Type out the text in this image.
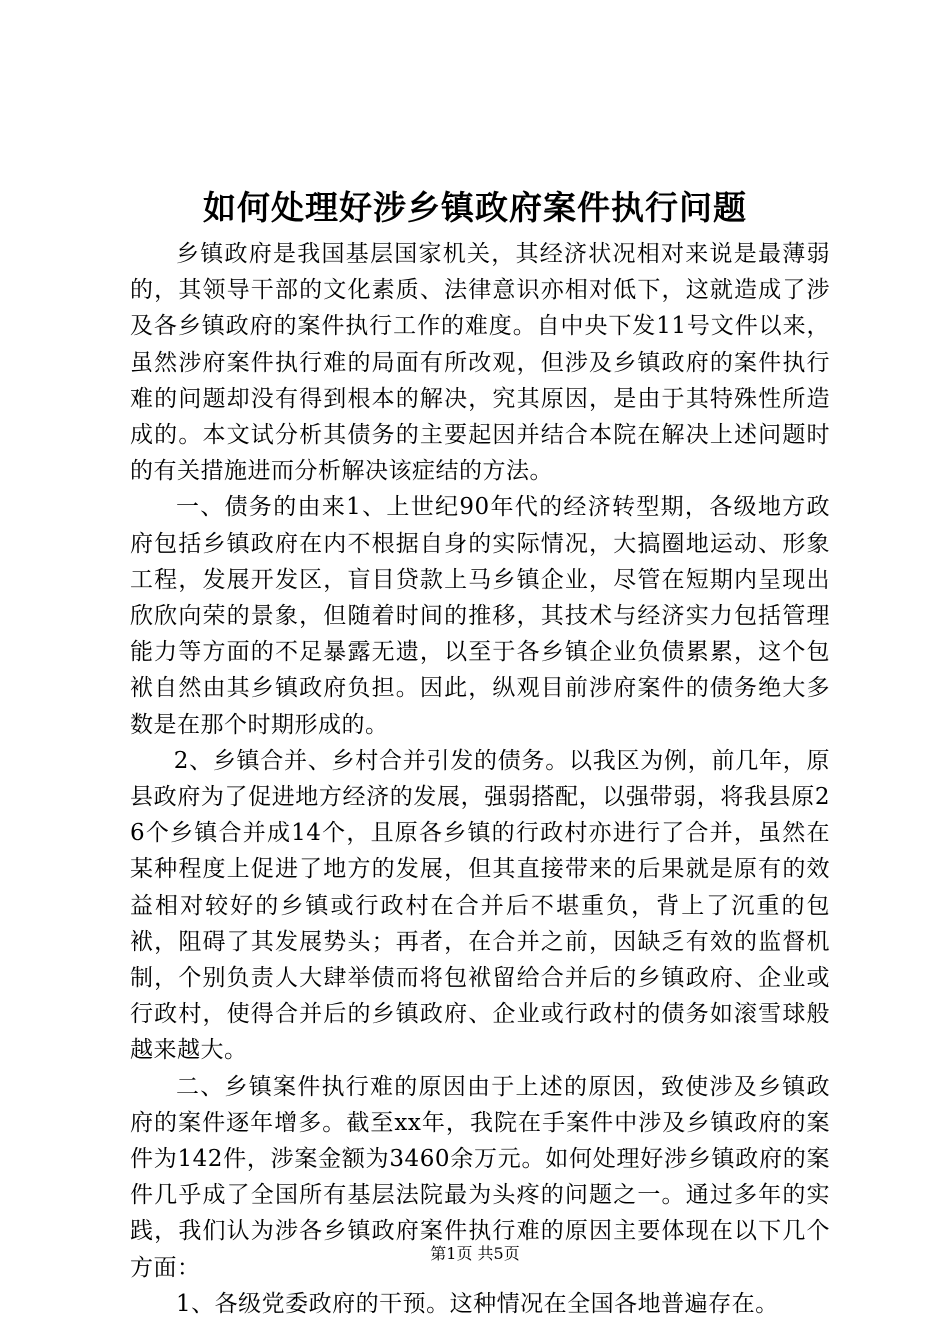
如何处理好涉乡镇政府案件执行问题

乡镇政府是我国基层国家机关，其经济状况相对来说是最薄弱的，其领导干部的文化素质、法律意识亦相对低下，这就造成了涉及各乡镇政府的案件执行工作的难度。自中央下发11号文件以来，虽然涉府案件执行难的局面有所改观，但涉及乡镇政府的案件执行难的问题却没有得到根本的解决，究其原因，是由于其特殊性所造成的。本文试分析其债务的主要起因并结合本院在解决上述问题时的有关措施进而分析解决该症结的方法。

一、债务的由来1、上世纪90年代的经济转型期，各级地方政府包括乡镇政府在内不根据自身的实际情况，大搞圈地运动、形象工程，发展开发区，盲目贷款上马乡镇企业，尽管在短期内呈现出欣欣向荣的景象，但随着时间的推移，其技术与经济实力包括管理能力等方面的不足暴露无遗，以至于各乡镇企业负债累累，这个包袱自然由其乡镇政府负担。因此，纵观目前涉府案件的债务绝大多数是在那个时期形成的。

2、乡镇合并、乡村合并引发的债务。以我区为例，前几年，原县政府为了促进地方经济的发展，强弱搭配，以强带弱，将我县原26个乡镇合并成14个，且原各乡镇的行政村亦进行了合并，虽然在某种程度上促进了地方的发展，但其直接带来的后果就是原有的效益相对较好的乡镇或行政村在合并后不堪重负，背上了沉重的包袱，阻碍了其发展势头；再者，在合并之前，因缺乏有效的监督机制，个别负责人大肆举债而将包袱留给合并后的乡镇政府、企业或行政村，使得合并后的乡镇政府、企业或行政村的债务如滚雪球般越来越大。

二、乡镇案件执行难的原因由于上述的原因，致使涉及乡镇政府的案件逐年增多。截至xx年，我院在手案件中涉及乡镇政府的案件为142件，涉案金额为3460余万元。如何处理好涉乡镇政府的案件几乎成了全国所有基层法院最为头疼的问题之一。通过多年的实践，我们认为涉各乡镇政府案件执行难的原因主要体现在以下几个方面：

1、各级党委政府的干预。这种情况在全国各地普遍存在。

第1页 共5页
